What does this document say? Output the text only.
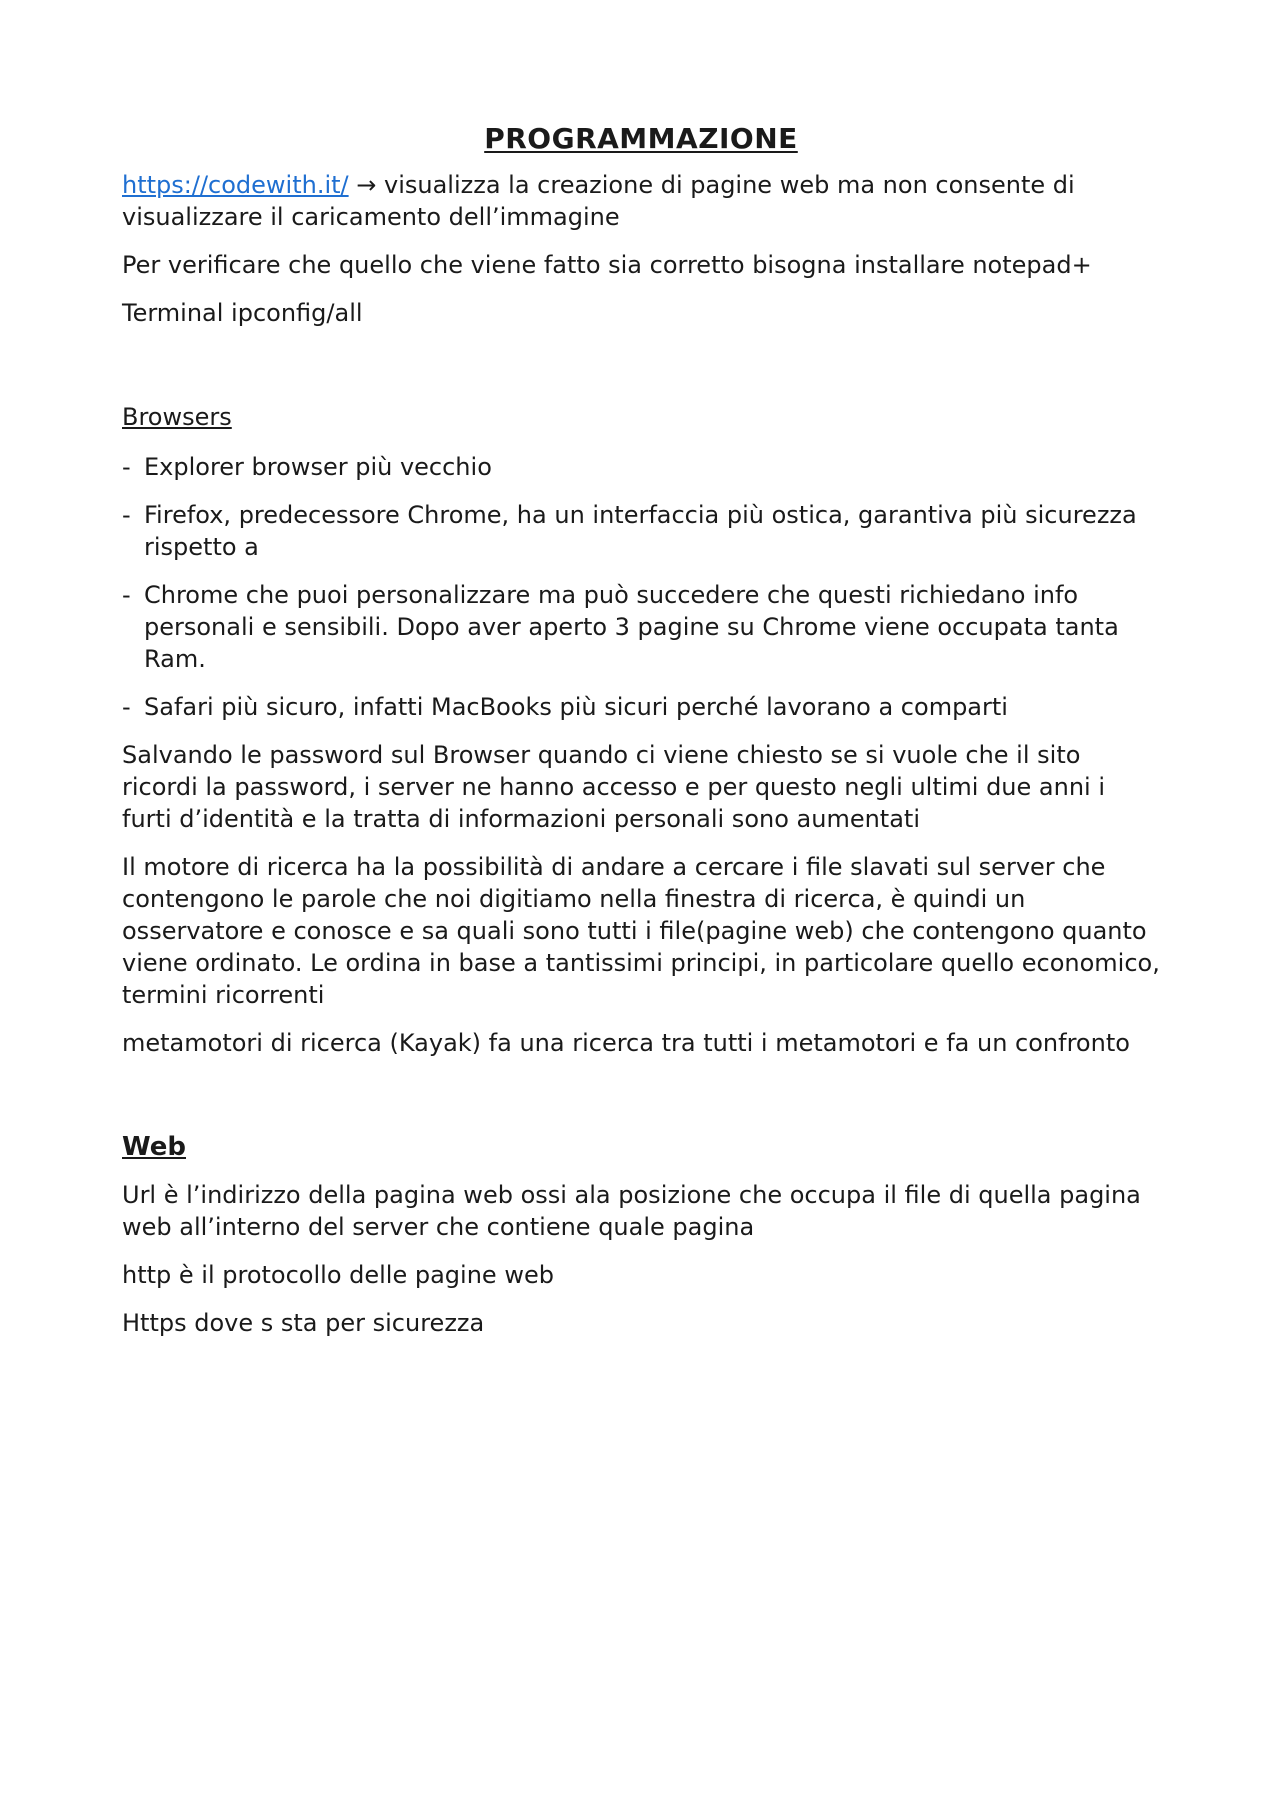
PROGRAMMAZIONE

https://codewith.it/ → visualizza la creazione di pagine web ma non consente di visualizzare il caricamento dell’immagine

Per verificare che quello che viene fatto sia corretto bisogna installare notepad+

Terminal ipconfig/all

Browsers
- Explorer browser più vecchio
- Firefox, predecessore Chrome, ha un interfaccia più ostica, garantiva più sicurezza rispetto a
- Chrome che puoi personalizzare ma può succedere che questi richiedano info personali e sensibili. Dopo aver aperto 3 pagine su Chrome viene occupata tanta Ram.
- Safari più sicuro, infatti MacBooks più sicuri perché lavorano a comparti

Salvando le password sul Browser quando ci viene chiesto se si vuole che il sito ricordi la password, i server ne hanno accesso e per questo negli ultimi due anni i furti d’identità e la tratta di informazioni personali sono aumentati

Il motore di ricerca ha la possibilità di andare a cercare i file slavati sul server che contengono le parole che noi digitiamo nella finestra di ricerca, è quindi un osservatore e conosce e sa quali sono tutti i file(pagine web) che contengono quanto viene ordinato. Le ordina in base a tantissimi principi, in particolare quello economico, termini ricorrenti

metamotori di ricerca (Kayak) fa una ricerca tra tutti i metamotori e fa un confronto

Web

Url è l’indirizzo della pagina web ossi ala posizione che occupa il file di quella pagina web all’interno del server che contiene quale pagina

http è il protocollo delle pagine web

Https dove s sta per sicurezza
